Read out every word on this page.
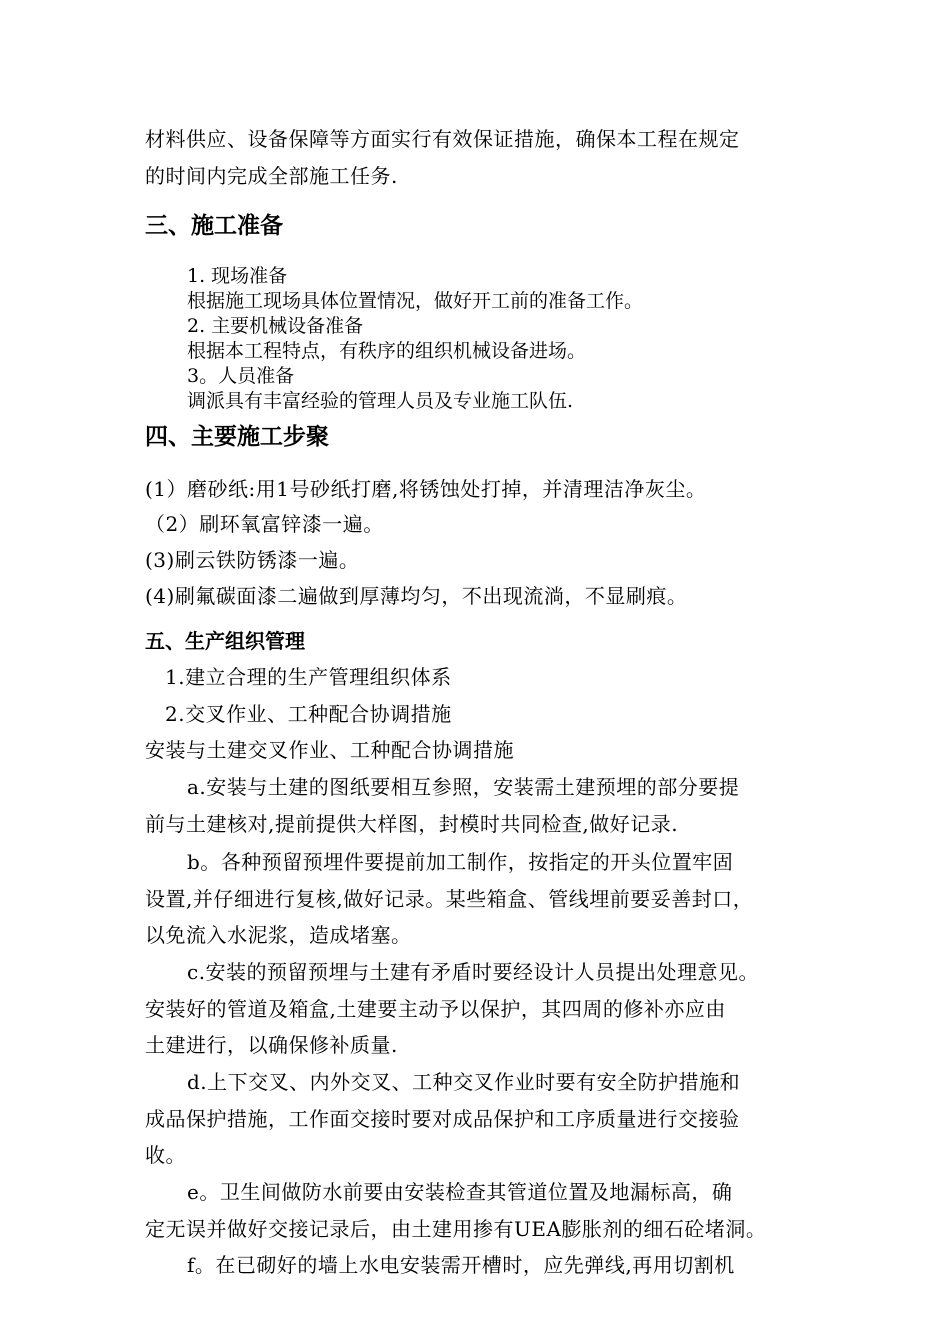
材料供应、设备保障等方面实行有效保证措施，确保本工程在规定
的时间内完成全部施工任务.
三、施工准备
1. 现场准备
根据施工现场具体位置情况，做好开工前的准备工作。
2. 主要机械设备准备
根据本工程特点，有秩序的组织机械设备进场。
3。人员准备
调派具有丰富经验的管理人员及专业施工队伍.
四、主要施工步聚
(1）磨砂纸:用1号砂纸打磨,将锈蚀处打掉，并清理洁净灰尘。
（2）刷环氧富锌漆一遍。
(3)刷云铁防锈漆一遍。
(4)刷氟碳面漆二遍做到厚薄均匀，不出现流淌，不显刷痕。
五、生产组织管理
1.建立合理的生产管理组织体系
2.交叉作业、工种配合协调措施
安装与土建交叉作业、工种配合协调措施
a.安装与土建的图纸要相互参照，安装需土建预埋的部分要提
前与土建核对,提前提供大样图，封模时共同检查,做好记录.
b。各种预留预埋件要提前加工制作，按指定的开头位置牢固
设置,并仔细进行复核,做好记录。某些箱盒、管线埋前要妥善封口，
以免流入水泥浆，造成堵塞。
c.安装的预留预埋与土建有矛盾时要经设计人员提出处理意见。
安装好的管道及箱盒,土建要主动予以保护，其四周的修补亦应由
土建进行，以确保修补质量.
d.上下交叉、内外交叉、工种交叉作业时要有安全防护措施和
成品保护措施，工作面交接时要对成品保护和工序质量进行交接验
收。
e。卫生间做防水前要由安装检查其管道位置及地漏标高，确
定无误并做好交接记录后，由土建用掺有UEA膨胀剂的细石砼堵洞。
f。在已砌好的墙上水电安装需开槽时，应先弹线,再用切割机
